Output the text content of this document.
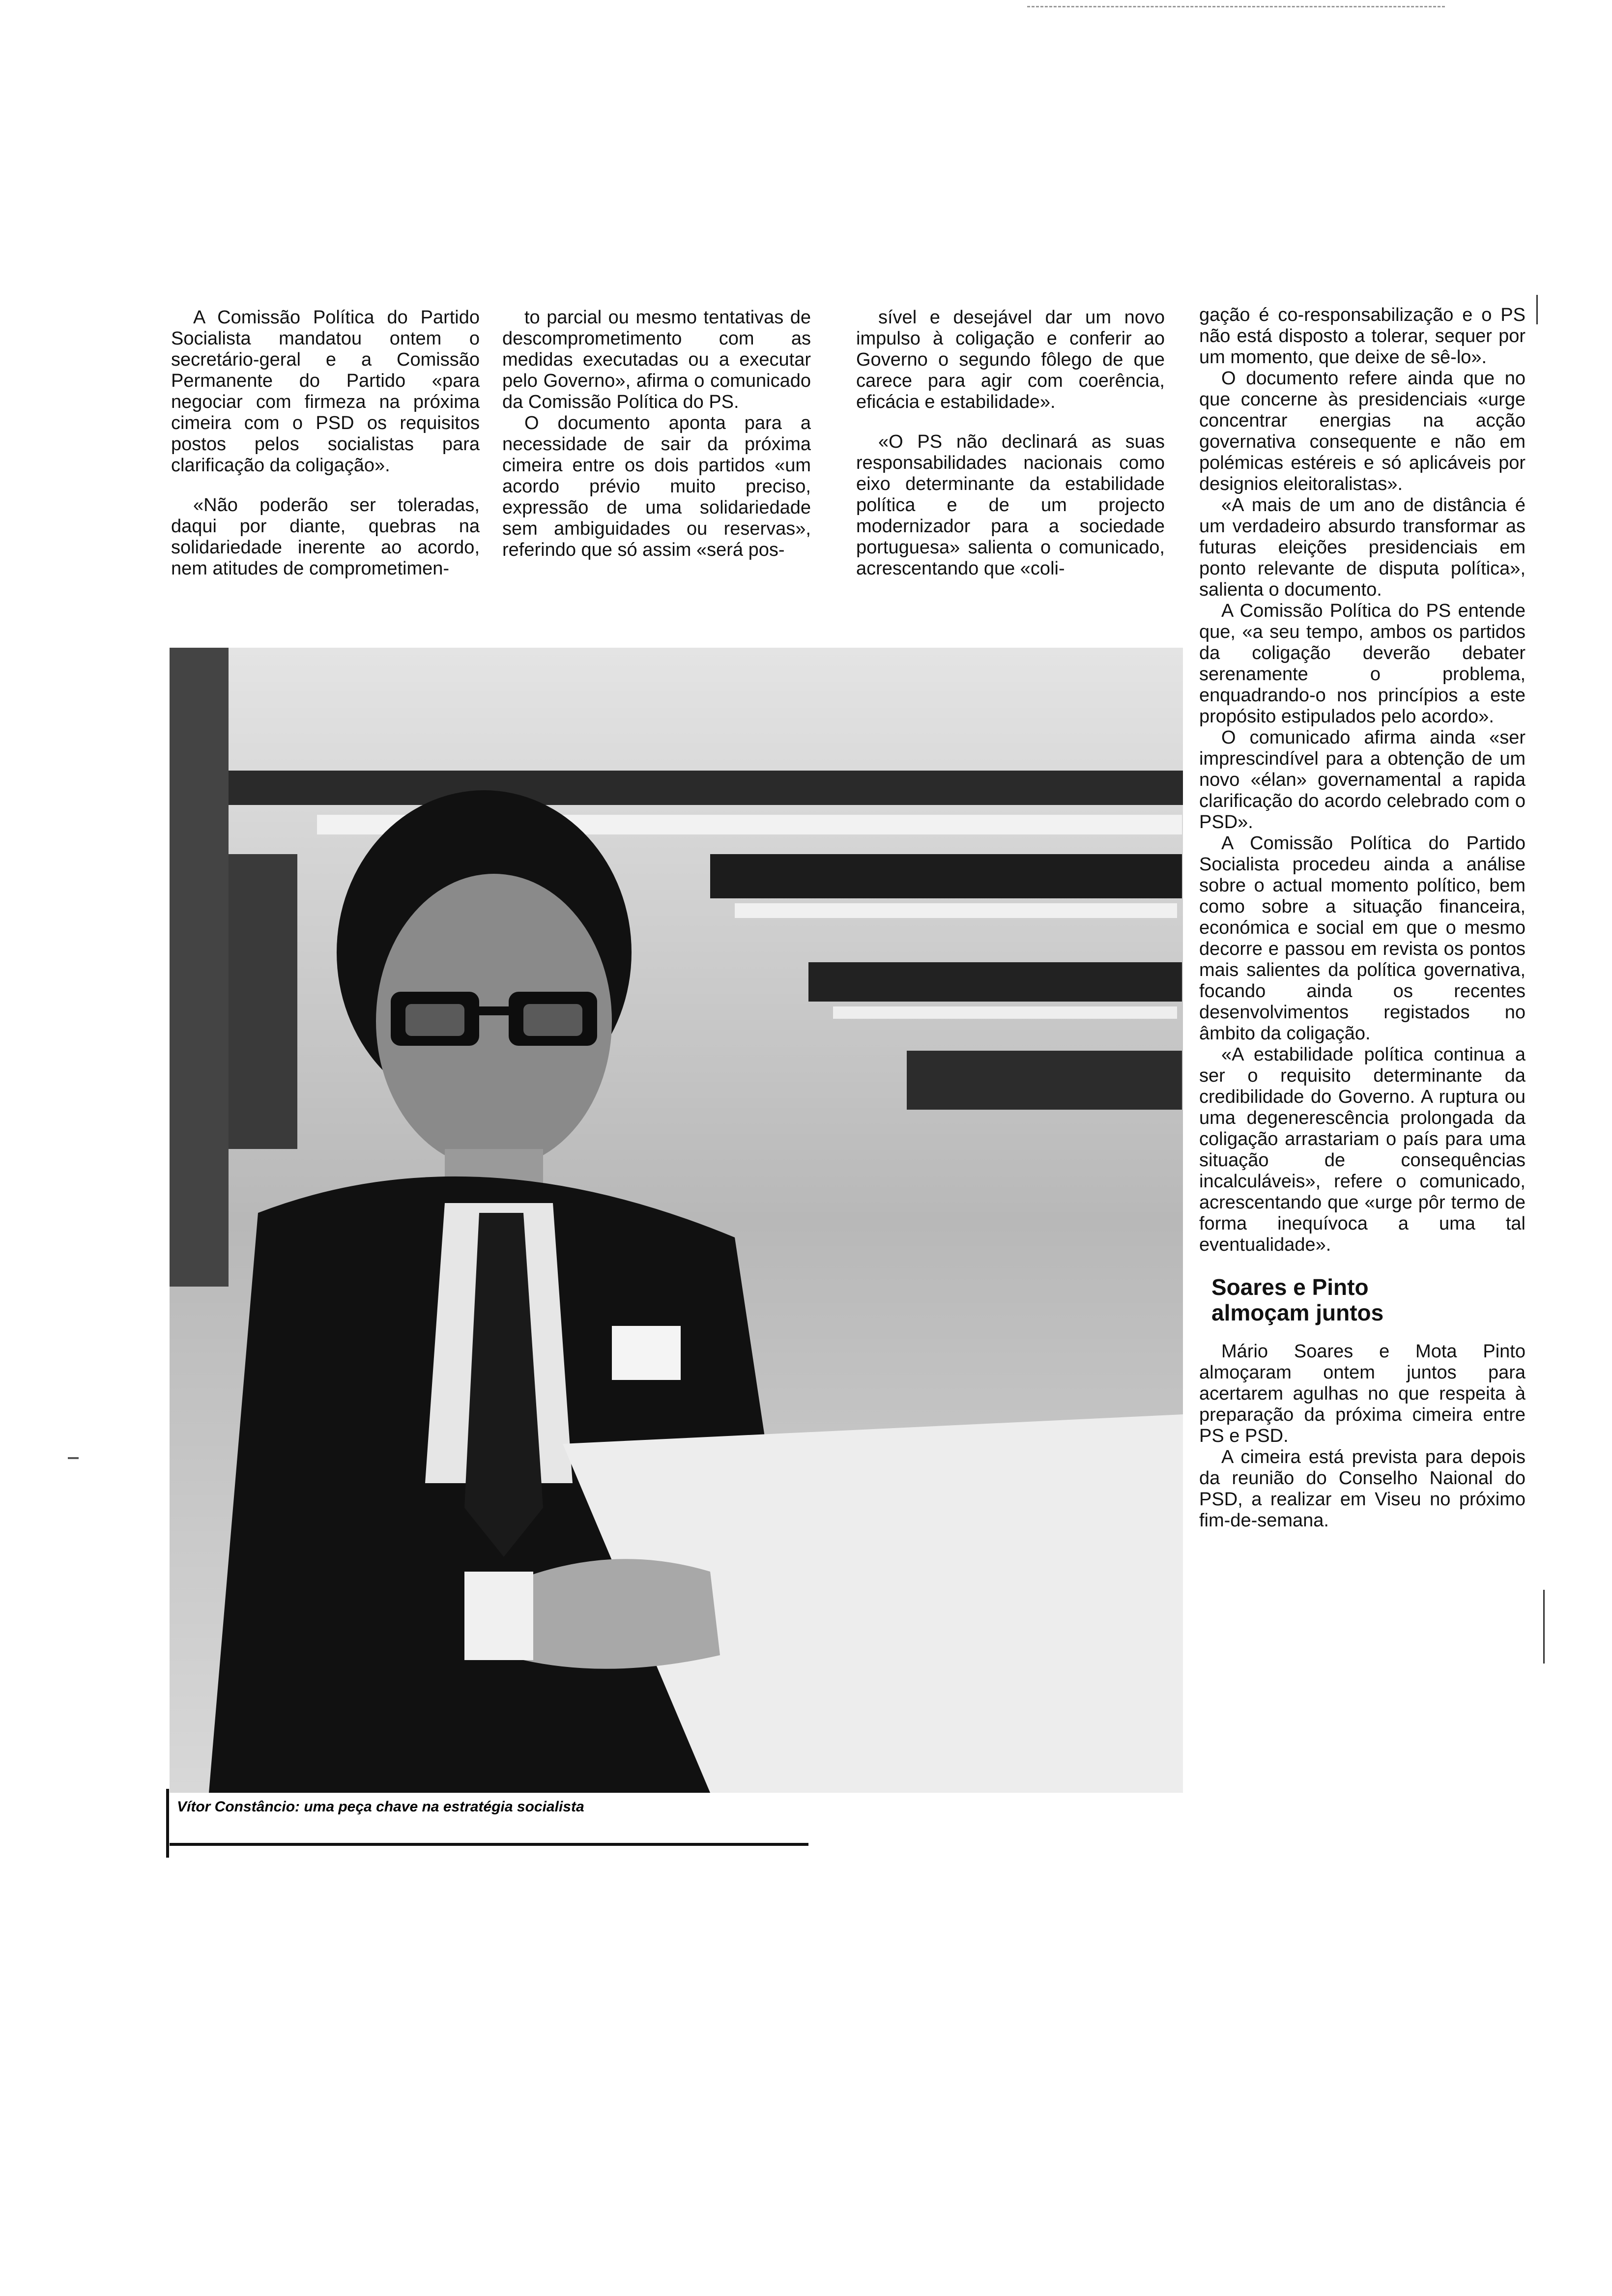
A Comissão Política do Partido Socialista mandatou ontem o secretário-geral e a Comissão Permanente do Partido «para negociar com firmeza na próxima cimeira com o PSD os requisitos postos pelos socialistas para clarificação da coligação».

«Não poderão ser toleradas, daqui por diante, quebras na solidariedade inerente ao acordo, nem atitudes de comprometimen-

to parcial ou mesmo tentativas de descomprometimento com as medidas executadas ou a executar pelo Governo», afirma o comunicado da Comissão Política do PS.

O documento aponta para a necessidade de sair da próxima cimeira entre os dois partidos «um acordo prévio muito preciso, expressão de uma solidariedade sem ambiguidades ou reservas», referindo que só assim «será pos-

sível e desejável dar um novo impulso à coligação e conferir ao Governo o segundo fôlego de que carece para agir com coerência, eficácia e estabilidade».

«O PS não declinará as suas responsabilidades nacionais como eixo determinante da estabilidade política e de um projecto modernizador para a sociedade portuguesa» salienta o comunicado, acrescentando que «coli-

gação é co-responsabilização e o PS não está disposto a tolerar, sequer por um momento, que deixe de sê-lo».

O documento refere ainda que no que concerne às presidenciais «urge concentrar energias na acção governativa consequente e não em polémicas estéreis e só aplicáveis por designios eleitoralistas».

«A mais de um ano de distância é um verdadeiro absurdo transformar as futuras eleições presidenciais em ponto relevante de disputa política», salienta o documento.

A Comissão Política do PS entende que, «a seu tempo, ambos os partidos da coligação deverão debater serenamente o problema, enquadrando-o nos princípios a este propósito estipulados pelo acordo».

O comunicado afirma ainda «ser imprescindível para a obtenção de um novo «élan» governamental a rapida clarificação do acordo celebrado com o PSD».

A Comissão Política do Partido Socialista procedeu ainda a análise sobre o actual momento político, bem como sobre a situação financeira, económica e social em que o mesmo decorre e passou em revista os pontos mais salientes da política governativa, focando ainda os recentes desenvolvimentos registados no âmbito da coligação.

«A estabilidade política continua a ser o requisito determinante da credibilidade do Governo. A ruptura ou uma degenerescência prolongada da coligação arrastariam o país para uma situação de consequências incalculáveis», refere o comunicado, acrescentando que «urge pôr termo de forma inequívoca a uma tal eventualidade».

Soares e Pinto
almoçam juntos

Mário Soares e Mota Pinto almoçaram ontem juntos para acertarem agulhas no que respeita à preparação da próxima cimeira entre PS e PSD.

A cimeira está prevista para depois da reunião do Conselho Naional do PSD, a realizar em Viseu no próximo fim-de-semana.

Vítor Constâncio: uma peça chave na estratégia socialista
